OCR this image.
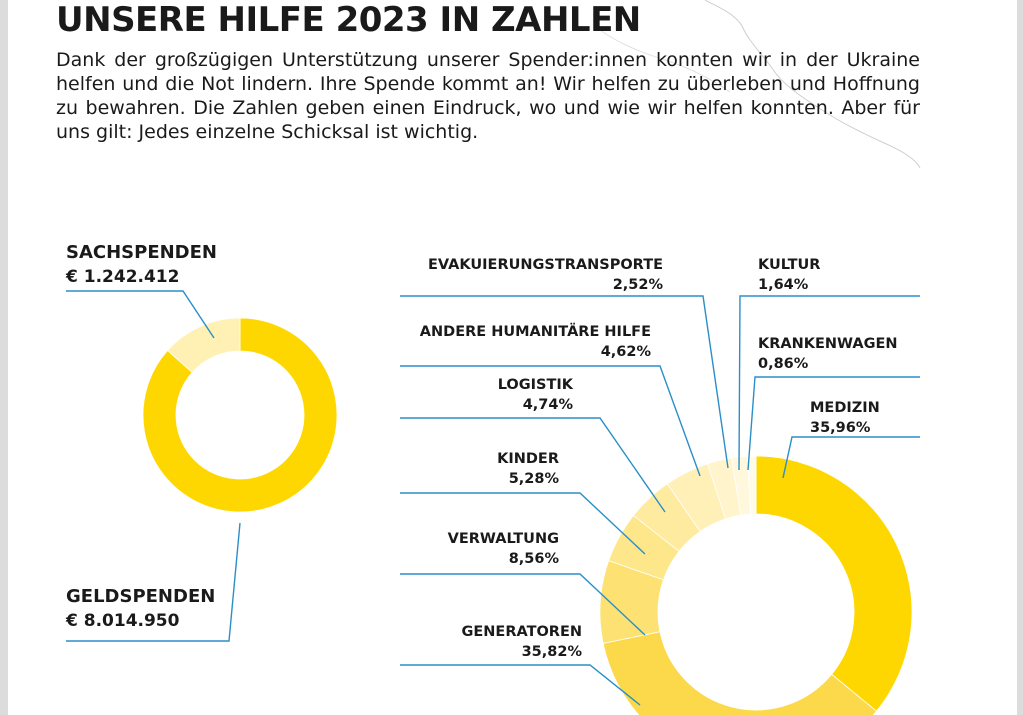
UNSERE HILFE 2023 IN ZAHLEN

Dank der großzügigen Unterstützung unserer Spender:innen konnten wir in der Ukraine helfen und die Not lindern. Ihre Spende kommt an! Wir helfen zu überleben und Hoffnung zu bewahren. Die Zahlen geben einen Eindruck, wo und wie wir helfen konnten. Aber für uns gilt: Jedes einzelne Schicksal ist wichtig.

SACHSPENDEN
€ 1.242.412
GELDSPENDEN
€ 8.014.950
EVAKUIERUNGSTRANSPORTE
2,52%
ANDERE HUMANITÄRE HILFE
4,62%
LOGISTIK
4,74%
KINDER
5,28%
VERWALTUNG
8,56%
GENERATOREN
35,82%
KULTUR
1,64%
KRANKENWAGEN
0,86%
MEDIZIN
35,96%
